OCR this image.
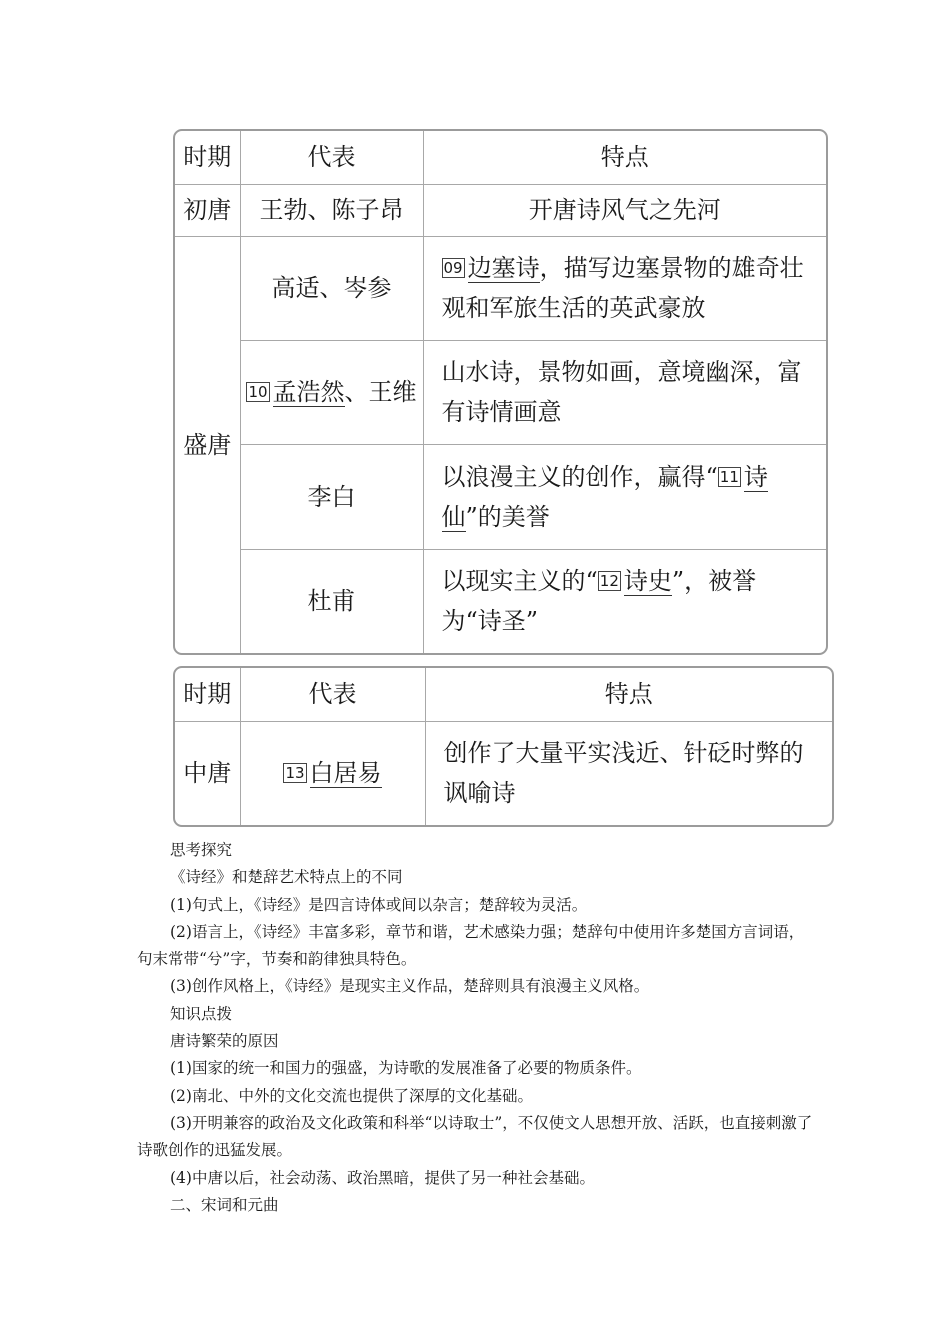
时期	代表	特点
初唐	王勃、陈子昂	开唐诗风气之先河
盛唐	高适、岑参	09 边塞诗，描写边塞景物的雄奇壮观和军旅生活的英武豪放
	10 孟浩然、王维	山水诗，景物如画，意境幽深，富有诗情画意
	李白	以浪漫主义的创作，赢得“ 11 诗仙”的美誉
	杜甫	以现实主义的“ 12 诗史”，被誉为“诗圣”
时期	代表	特点
中唐	13 白居易	创作了大量平实浅近、针砭时弊的讽喻诗

思考探究

《诗经》和楚辞艺术特点上的不同

(1)句式上，《诗经》是四言诗体或间以杂言；楚辞较为灵活。

(2)语言上，《诗经》丰富多彩，章节和谐，艺术感染力强；楚辞句中使用许多楚国方言词语，句末常带“兮”字，节奏和韵律独具特色。

(3)创作风格上，《诗经》是现实主义作品，楚辞则具有浪漫主义风格。

知识点拨

唐诗繁荣的原因

(1)国家的统一和国力的强盛，为诗歌的发展准备了必要的物质条件。

(2)南北、中外的文化交流也提供了深厚的文化基础。

(3)开明兼容的政治及文化政策和科举“以诗取士”，不仅使文人思想开放、活跃，也直接刺激了诗歌创作的迅猛发展。

(4)中唐以后，社会动荡、政治黑暗，提供了另一种社会基础。

二、宋词和元曲
